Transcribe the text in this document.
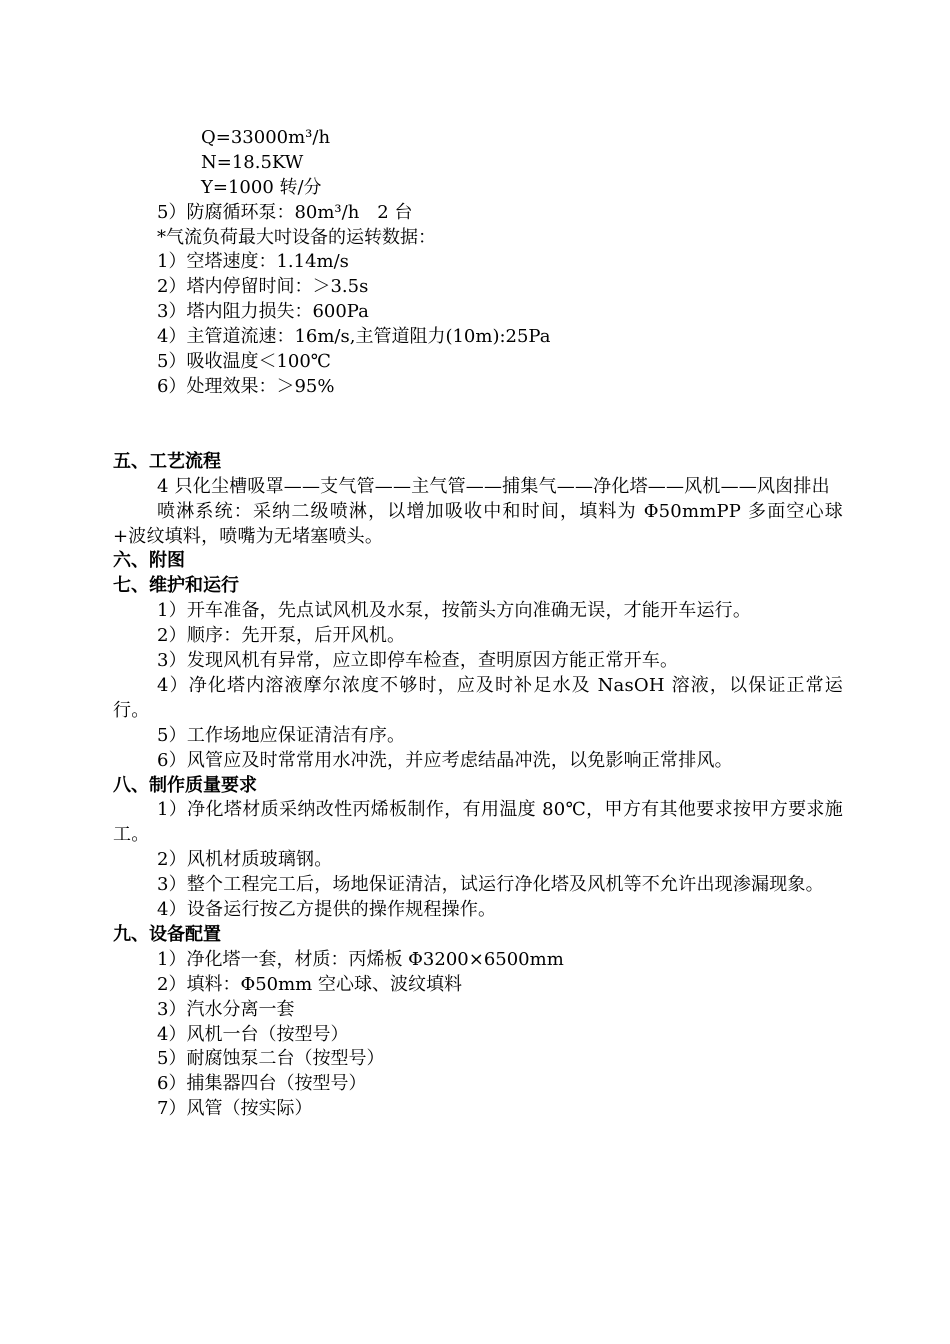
Q=33000m³/h
N=18.5KW
Y=1000 转/分
5）防腐循环泵：80m³/h　2 台
*气流负荷最大吋设备的运转数据：
1）空塔速度：1.14m/s
2）塔内停留时间：＞3.5s
3）塔内阻力损失：600Pa
4）主管道流速：16m/s,主管道阻力(10m):25Pa
5）吸收温度＜100℃
6）处理效果：＞95%
五、工艺流程
4 只化尘槽吸罩——支气管——主气管——捕集气——净化塔——风机——风囱排出
喷淋系统：采纳二级喷淋，以增加吸收中和时间，填料为 Φ50mmPP 多面空心球+波纹填料，喷嘴为无堵塞喷头。
六、附图
七、维护和运行
1）开车准备，先点试风机及水泵，按箭头方向准确无误，才能开车运行。
2）顺序：先开泵，后开风机。
3）发现风机有异常，应立即停车检查，查明原因方能正常开车。
4）净化塔内溶液摩尔浓度不够时，应及时补足水及 NasOH 溶液，以保证正常运行。
5）工作场地应保证清洁有序。
6）风管应及时常常用水冲洗，并应考虑结晶冲洗，以免影响正常排风。
八、制作质量要求
1）净化塔材质采纳改性丙烯板制作，有用温度 80℃，甲方有其他要求按甲方要求施工。
2）风机材质玻璃钢。
3）整个工程完工后，场地保证清洁，试运行净化塔及风机等不允许出现渗漏现象。
4）设备运行按乙方提供的操作规程操作。
九、设备配置
1）净化塔一套，材质：丙烯板 Φ3200×6500mm
2）填料：Φ50mm 空心球、波纹填料
3）汽水分离一套
4）风机一台（按型号）
5）耐腐蚀泵二台（按型号）
6）捕集器四台（按型号）
7）风管（按实际）
